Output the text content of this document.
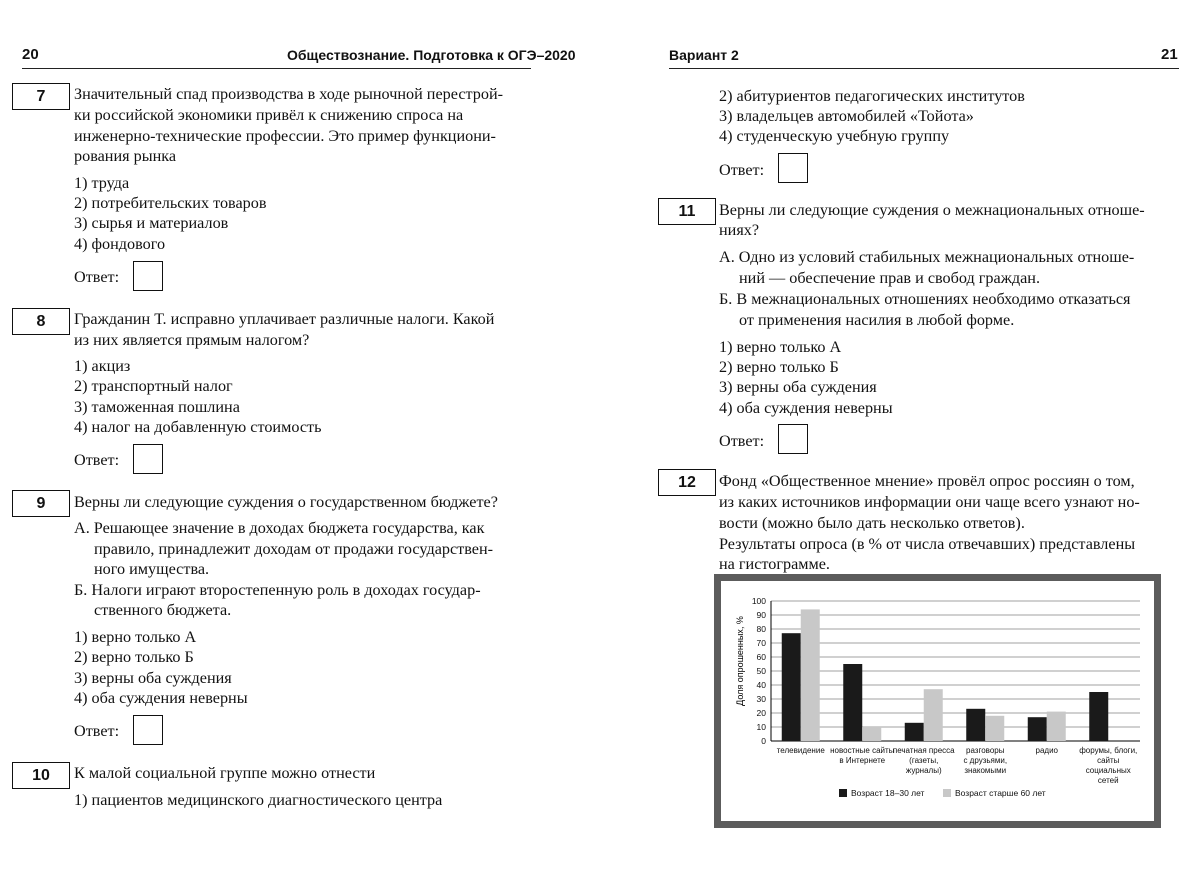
20	Обществознание. Подготовка к ОГЭ–2020	Вариант 2	21
7	Значительный спад производства в ходе рыночной перестрой-
ки российской экономики привёл к снижению спроса на
инженерно-технические профессии. Это пример функциони-
рования рынка
1) труда
2) потребительских товаров
3) сырья и материалов
4) фондового
Ответ:
8	Гражданин Т. исправно уплачивает различные налоги. Какой
из них является прямым налогом?
1) акциз
2) транспортный налог
3) таможенная пошлина
4) налог на добавленную стоимость
Ответ:
9	Верны ли следующие суждения о государственном бюджете?
А. Решающее значение в доходах бюджета государства, как
правило, принадлежит доходам от продажи государствен-
ного имущества.
Б. Налоги играют второстепенную роль в доходах государ-
ственного бюджета.
1) верно только А
2) верно только Б
3) верны оба суждения
4) оба суждения неверны
Ответ:
10	К малой социальной группе можно отнести
1) пациентов медицинского диагностического центра
2) абитуриентов педагогических институтов
3) владельцев автомобилей «Тойота»
4) студенческую учебную группу
Ответ:
11	Верны ли следующие суждения о межнациональных отноше-
ниях?
А. Одно из условий стабильных межнациональных отноше-
ний — обеспечение прав и свобод граждан.
Б. В межнациональных отношениях необходимо отказаться
от применения насилия в любой форме.
1) верно только А
2) верно только Б
3) верны оба суждения
4) оба суждения неверны
Ответ:
12	Фонд «Общественное мнение» провёл опрос россиян о том,
из каких источников информации они чаще всего узнают но-
вости (можно было дать несколько ответов).
Результаты опроса (в % от числа отвечавших) представлены
на гистограмме.
Доля опрошенных, %
0
10
20
30
40
50
60
70
80
90
100
телевидение новостные сайты
в Интернете
печатная пресса
(газеты,
журналы)
разговоры
с друзьями,
знакомыми
радио	форумы, блоги,
сайты
социальных
сетей
Возраст 18–30 лет	Возраст старше 60 лет
